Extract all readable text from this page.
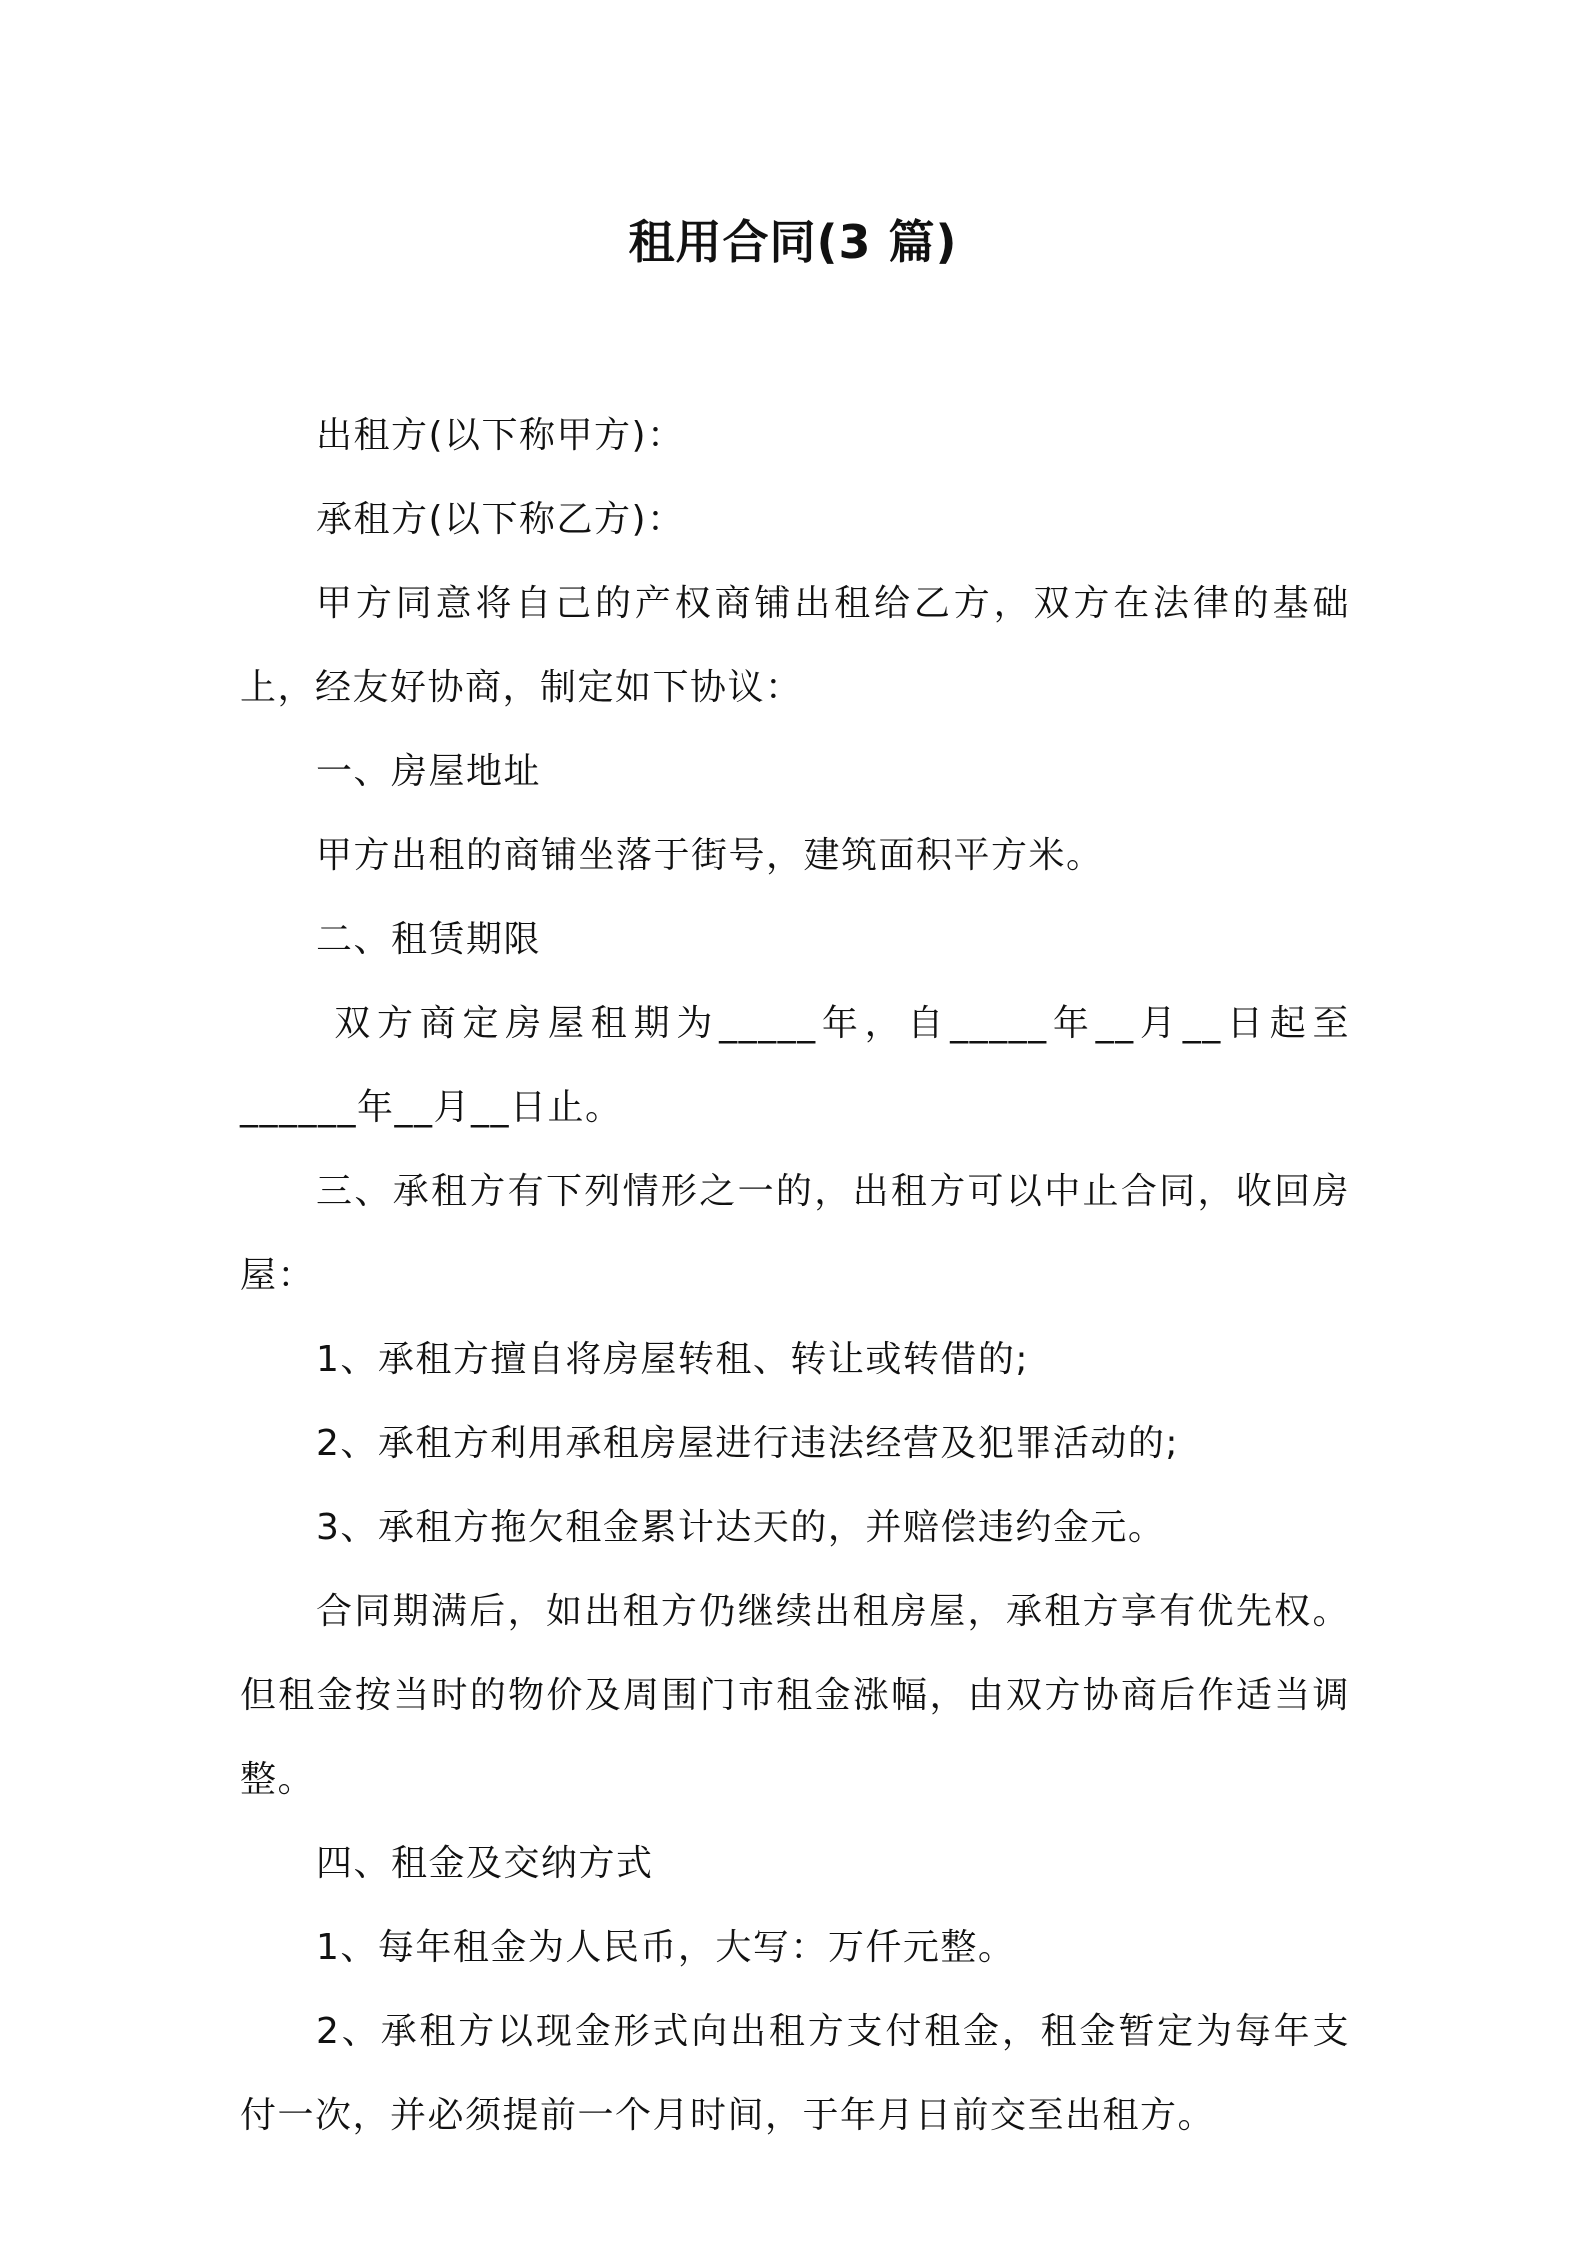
租用合同(3 篇)

出租方(以下称甲方)：

承租方(以下称乙方)：

甲方同意将自己的产权商铺出租给乙方，双方在法律的基础上，经友好协商，制定如下协议：

一、房屋地址

甲方出租的商铺坐落于街号，建筑面积平方米。

二、租赁期限

双方商定房屋租期为_____年，自_____年__月__日起至______年__月__日止。

三、承租方有下列情形之一的，出租方可以中止合同，收回房屋：

1、承租方擅自将房屋转租、转让或转借的;

2、承租方利用承租房屋进行违法经营及犯罪活动的;

3、承租方拖欠租金累计达天的，并赔偿违约金元。

合同期满后，如出租方仍继续出租房屋，承租方享有优先权。但租金按当时的物价及周围门市租金涨幅，由双方协商后作适当调整。

四、租金及交纳方式

1、每年租金为人民币，大写：万仟元整。

2、承租方以现金形式向出租方支付租金，租金暂定为每年支付一次，并必须提前一个月时间，于年月日前交至出租方。
